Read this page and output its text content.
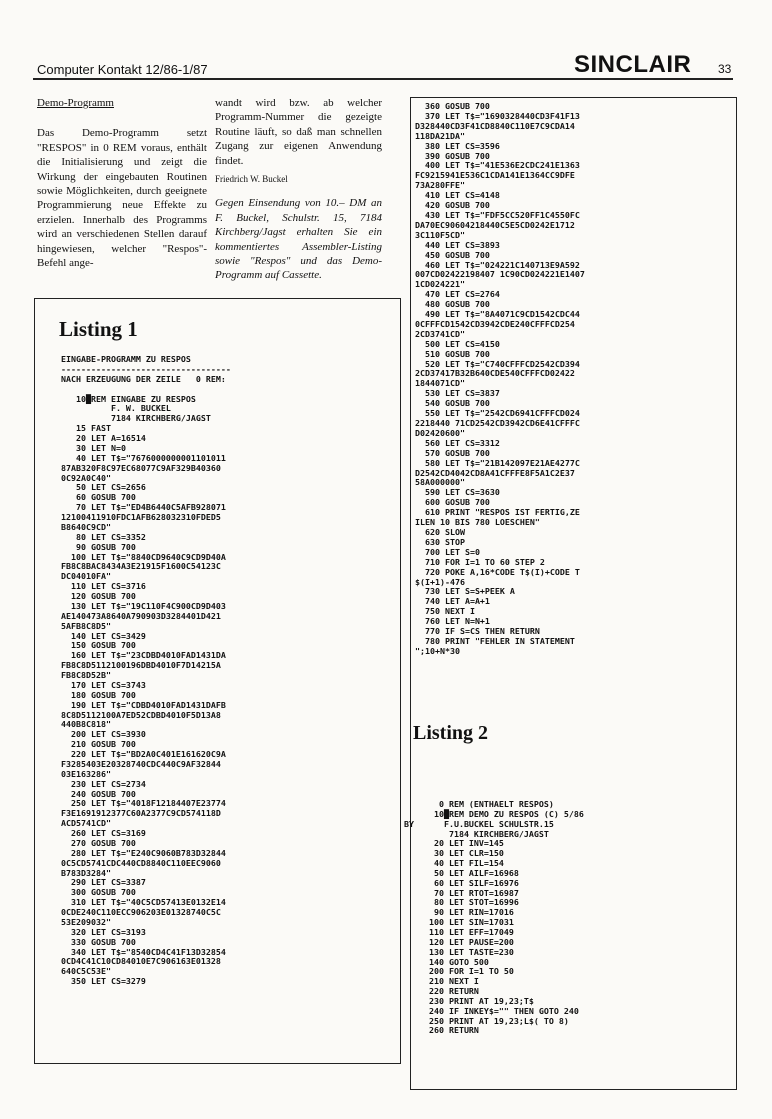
Computer Kontakt 12/86-1/87	SINCLAIR 33
Demo-Programm
Das Demo-Programm setzt "RESPOS" in 0 REM voraus, enthält die Initialisierung und zeigt die Wirkung der eingebauten Routinen sowie Möglichkeiten, durch geeignete Programmierung neue Effekte zu erzielen. Innerhalb des Programms wird an verschiedenen Stellen darauf hingewiesen, welcher "Respos"-Befehl ange-
wandt wird bzw. ab welcher Programm-Nummer die gezeigte Routine läuft, so daß man schnellen Zugang zur eigenen Anwendung findet.
Friedrich W. Buckel
Gegen Einsendung von 10.– DM an F. Buckel, Schulstr. 15, 7184 Kirchberg/Jagst erhalten Sie ein kommentiertes Assembler-Listing sowie "Respos" und das Demo-Programm auf Cassette.
Listing 1
EINGABE-PROGRAMM ZU RESPOS
----------------------------------
NACH ERZEUGUNG DER ZEILE   0 REM:

10█REM EINGABE ZU RESPOS
F. W. BUCKEL
7184 KIRCHBERG/JAGST
15 FAST
20 LET A=16514
30 LET N=0
40 LET T$="7676000000001101011
87AB320F8C97EC68077C9AF329B40360
0C92A0C40"
50 LET CS=2656
60 GOSUB 700
70 LET T$="ED4B6440C5AFB928071
12100411910FDC1AFB628032310FDED5
B8640C9CD"
80 LET CS=3352
90 GOSUB 700
100 LET T$="8840CD9640C9CD9D40A
FB8C8BAC8434A3E21915F1600C54123C
DC04010FA"
110 LET CS=3716
120 GOSUB 700
130 LET T$="19C110F4C900CD9D403
AE140473A8640A790903D3284401D421
5AFB8C8D5"
140 LET CS=3429
150 GOSUB 700
160 LET T$="23CDBD4010FAD1431DA
FB8C8D5112100196DBD4010F7D14215A
FB8C8D52B"
170 LET CS=3743
180 GOSUB 700
190 LET T$="CDBD4010FAD1431DAFB
8C8D5112100A7ED52CDBD4010F5D13A8
440B8C818"
200 LET CS=3930
210 GOSUB 700
220 LET T$="BD2A0C401E161620C9A
F3285403E20328740CDC440C9AF32844
03E163286"
230 LET CS=2734
240 GOSUB 700
250 LET T$="4018F12184407E23774
F3E1691912377C60A2377C9CD574118D
ACD5741CD"
260 LET CS=3169
270 GOSUB 700
280 LET T$="E240C9060B783D32844
0C5CD5741CDC440CD8840C110EEC9060
B783D3284"
290 LET CS=3387
300 GOSUB 700
310 LET T$="40C5CD57413E0132E14
0CDE240C110ECC906203E01328740C5C
53E209032"
320 LET CS=3193
330 GOSUB 700
340 LET T$="8540CD4C41F13D32854
0CD4C41C10CD84010E7C906163E01328
640C5C53E"
350 LET CS=3279
360 GOSUB 700
370 LET T$="1690328440CD3F41F13
D328440CD3F41CD8840C110E7C9CDA14
118DA21DA"
380 LET CS=3596
390 GOSUB 700
400 LET T$="41E536E2CDC241E1363
FC9215941E536C1CDA141E1364CC9DFE
73A280FFE"
410 LET CS=4148
420 GOSUB 700
430 LET T$="FDF5CC520FF1C4550FC
DA70EC90604218440C5E5CD0242E1712
3C110F5CD"
440 LET CS=3893
450 GOSUB 700
460 LET T$="024221C140713E9A592
007CD02422198407 1C90CD024221E1407
1CD024221"
470 LET CS=2764
480 GOSUB 700
490 LET T$="8A4071C9CD1542CDC44
0CFFFCD1542CD3942CDE240CFFFCD254
2CD3741CD"
500 LET CS=4150
510 GOSUB 700
520 LET T$="C740CFFFCD2542CD394
2CD37417B32B640CDE540CFFFCD02422
1844071CD"
530 LET CS=3837
540 GOSUB 700
550 LET T$="2542CD6941CFFFCD024
2218440 71CD2542CD3942CD6E41CFFFC
D02420600"
560 LET CS=3312
570 GOSUB 700
580 LET T$="21B142097E21AE4277C
D2542CD4042CD8A41CFFFE8F5A1C2E37
58A000000"
590 LET CS=3630
600 GOSUB 700
610 PRINT "RESPOS IST FERTIG,ZE
ILEN 10 BIS 780 LOESCHEN"
620 SLOW
630 STOP
700 LET S=0
710 FOR I=1 TO 60 STEP 2
720 POKE A,16*CODE T$(I)+CODE T
$(I+1)-476
730 LET S=S+PEEK A
740 LET A=A+1
750 NEXT I
760 LET N=N+1
770 IF S=CS THEN RETURN
780 PRINT "FEHLER IN STATEMENT
";10+N*30
Listing 2
0 REM (ENTHAELT RESPOS)
10█REM DEMO ZU RESPOS (C) 5/86
BY      F.U.BUCKEL SCHULSTR.15
7184 KIRCHBERG/JAGST
20 LET INV=145
30 LET CLR=150
40 LET FIL=154
50 LET AILF=16968
60 LET SILF=16976
70 LET RTOT=16987
80 LET STOT=16996
90 LET RIN=17016
100 LET SIN=17031
110 LET EFF=17049
120 LET PAUSE=200
130 LET TASTE=230
140 GOTO 500
200 FOR I=1 TO 50
210 NEXT I
220 RETURN
230 PRINT AT 19,23;T$
240 IF INKEY$="" THEN GOTO 240
250 PRINT AT 19,23;L$( TO 8)
260 RETURN
